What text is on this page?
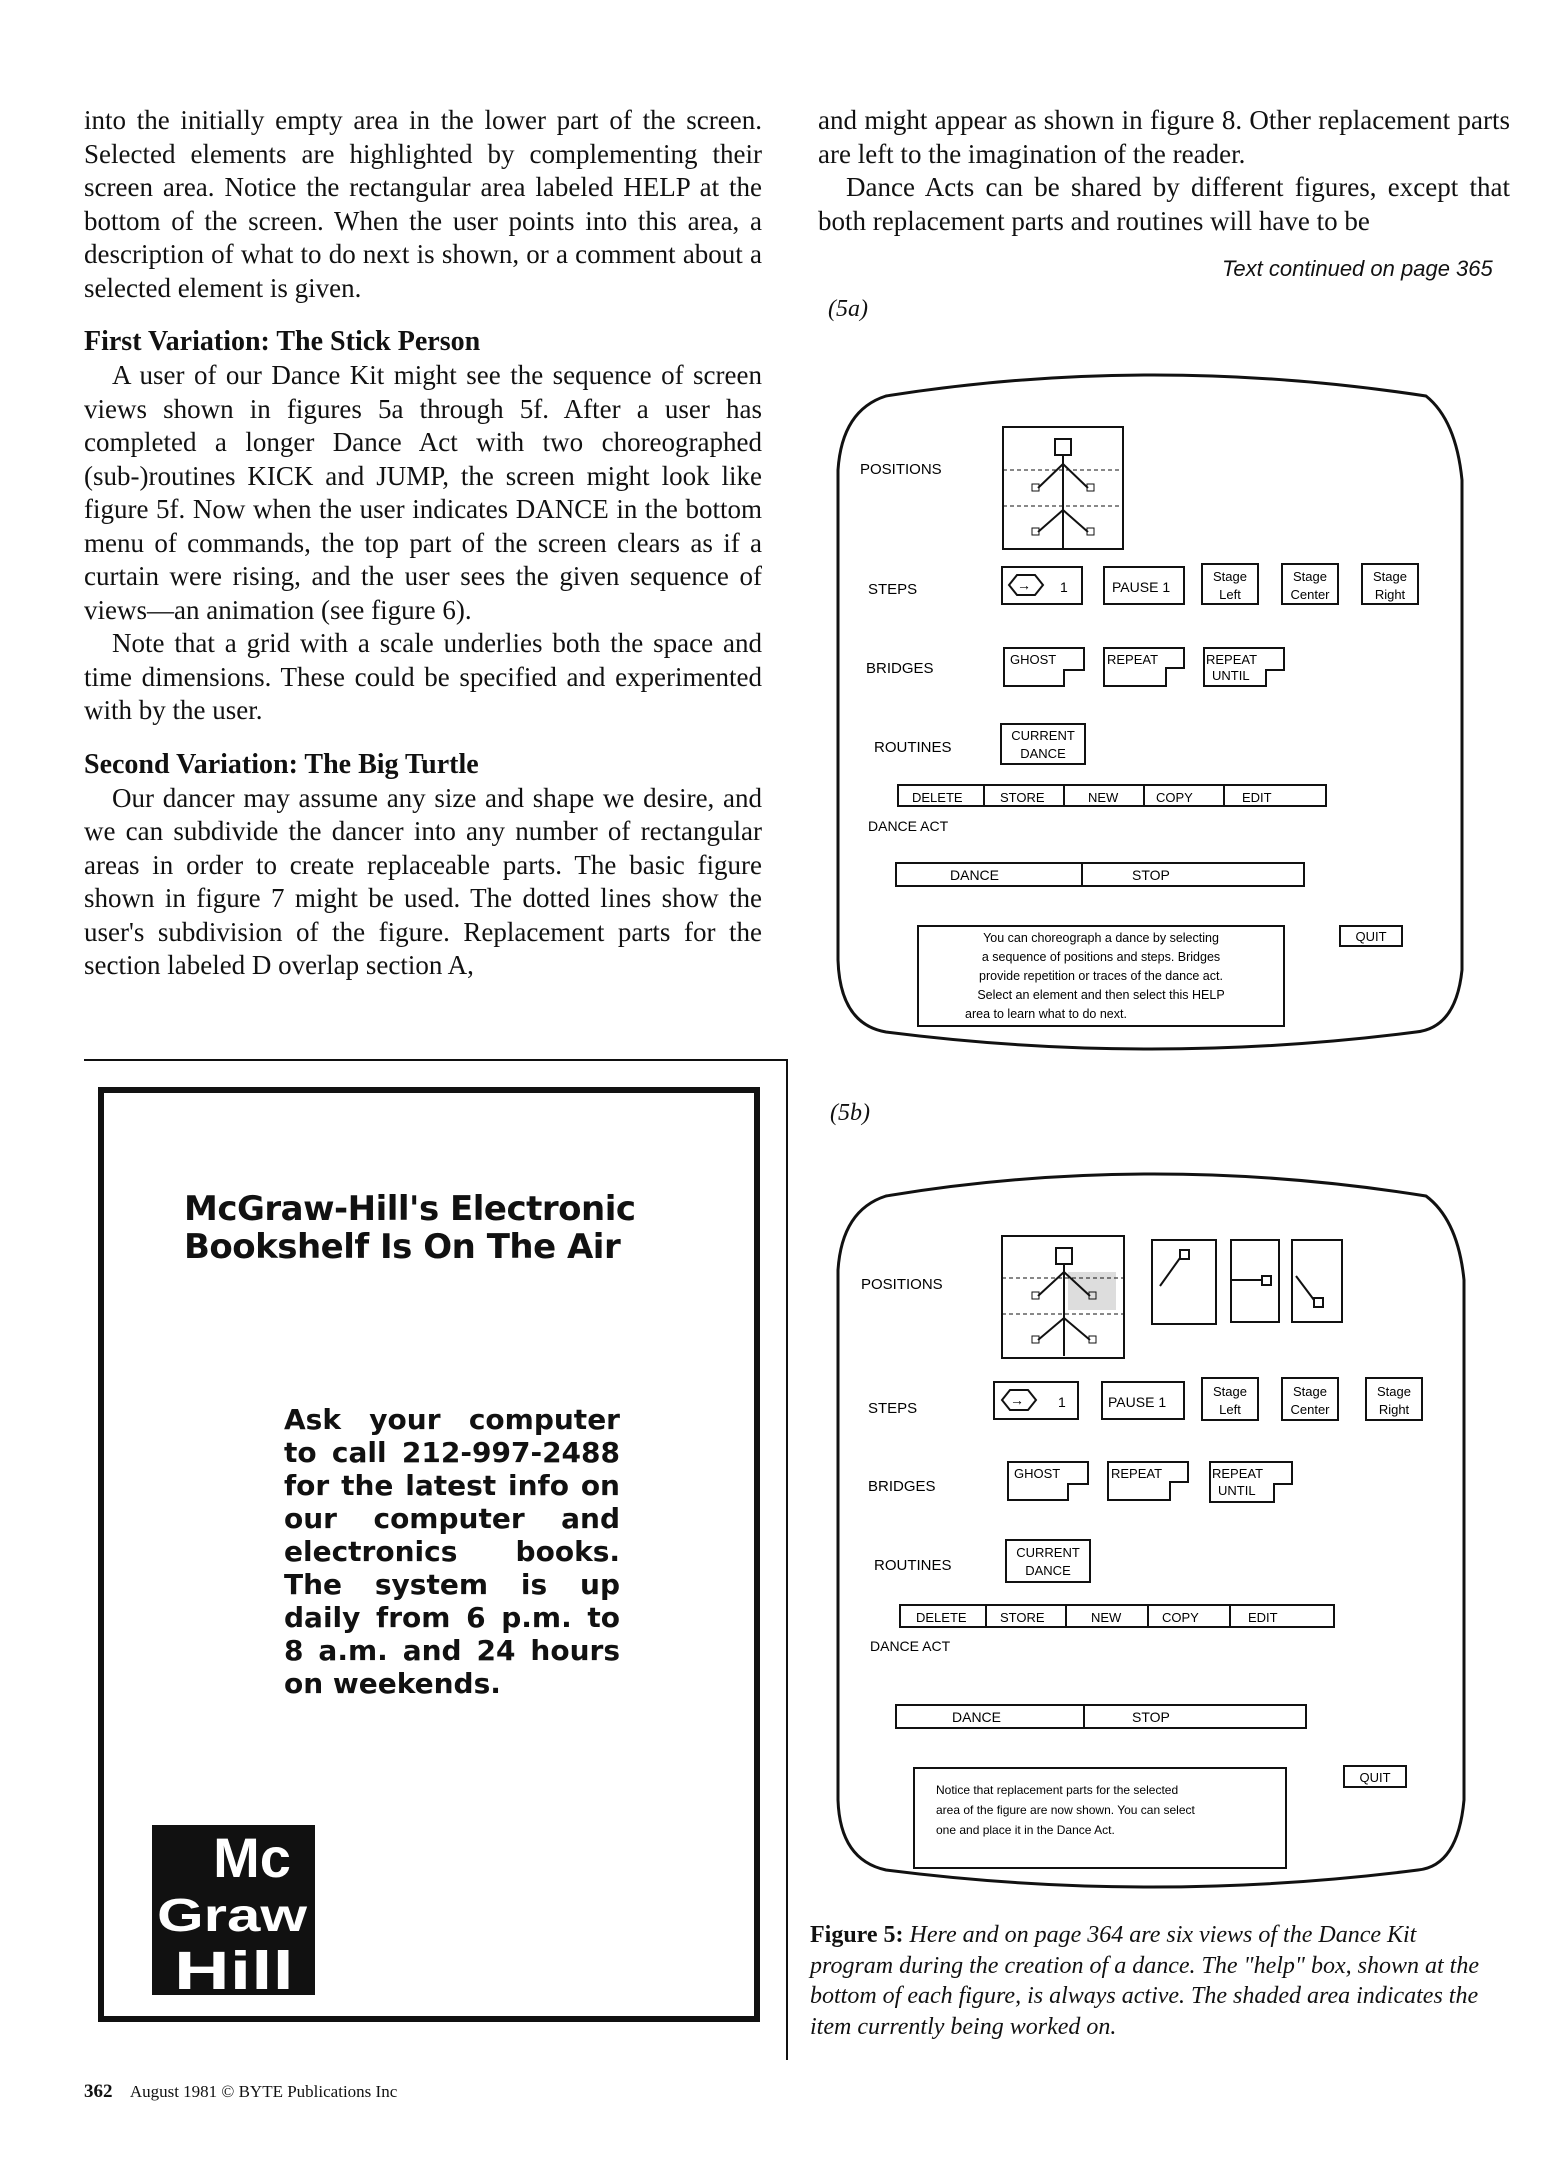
into the initially empty area in the lower part of the screen. Selected elements are highlighted by complementing their screen area. Notice the rectangular area labeled HELP at the bottom of the screen. When the user points into this area, a description of what to do next is shown, or a comment about a selected element is given.

First Variation: The Stick Person

A user of our Dance Kit might see the sequence of screen views shown in figures 5a through 5f. After a user has completed a longer Dance Act with two choreographed (sub-)routines KICK and JUMP, the screen might look like figure 5f. Now when the user indicates DANCE in the bottom menu of commands, the top part of the screen clears as if a curtain were rising, and the user sees the given sequence of views—an animation (see figure 6).

Note that a grid with a scale underlies both the space and time dimensions. These could be specified and experimented with by the user.

Second Variation: The Big Turtle

Our dancer may assume any size and shape we desire, and we can subdivide the dancer into any number of rectangular areas in order to create replaceable parts. The basic figure shown in figure 7 might be used. The dotted lines show the user's subdivision of the figure. Replacement parts for the section labeled D overlap section A,

and might appear as shown in figure 8. Other replacement parts are left to the imagination of the reader.

Dance Acts can be shared by different figures, except that both replacement parts and routines will have to be

Text continued on page 365
(5a)
POSITIONS
STEPS	→ 1	PAUSE 1
Stage
Left
Stage
Center
Stage
Right
BRIDGES
GHOST	REPEAT	REPEAT
UNTIL
ROUTINES
CURRENT
DANCE
DELETE	STORE	NEW	COPY	EDIT
DANCE ACT
DANCE	STOP
You can choreograph a dance by selecting
a sequence of positions and steps. Bridges
provide repetition or traces of the dance act.
Select an element and then select this HELP
area to learn what to do next.
QUIT
(5b)
POSITIONS
STEPS	→ 1	PAUSE 1
Stage
Left
Stage
Center
Stage
Right
BRIDGES
GHOST	REPEAT	REPEAT
UNTIL
ROUTINES
CURRENT
DANCE
DELETE	STORE	NEW	COPY	EDIT
DANCE ACT
DANCE	STOP
Notice that replacement parts for the selected
area of the figure are now shown. You can select
one and place it in the Dance Act.
QUIT
Figure 5: Here and on page 364 are six views of the Dance Kit program during the creation of a dance. The "help" box, shown at the bottom of each figure, is always active. The shaded area indicates the item currently being worked on.
McGraw-Hill's Electronic Bookshelf Is On The Air
Ask your computer to call 212-997-2488 for the latest info on our computer and electronics books. The system is up daily from 6 p.m. to 8 a.m. and 24 hours on weekends.
Mc
Graw
Hill
362 August 1981 © BYTE Publications Inc
